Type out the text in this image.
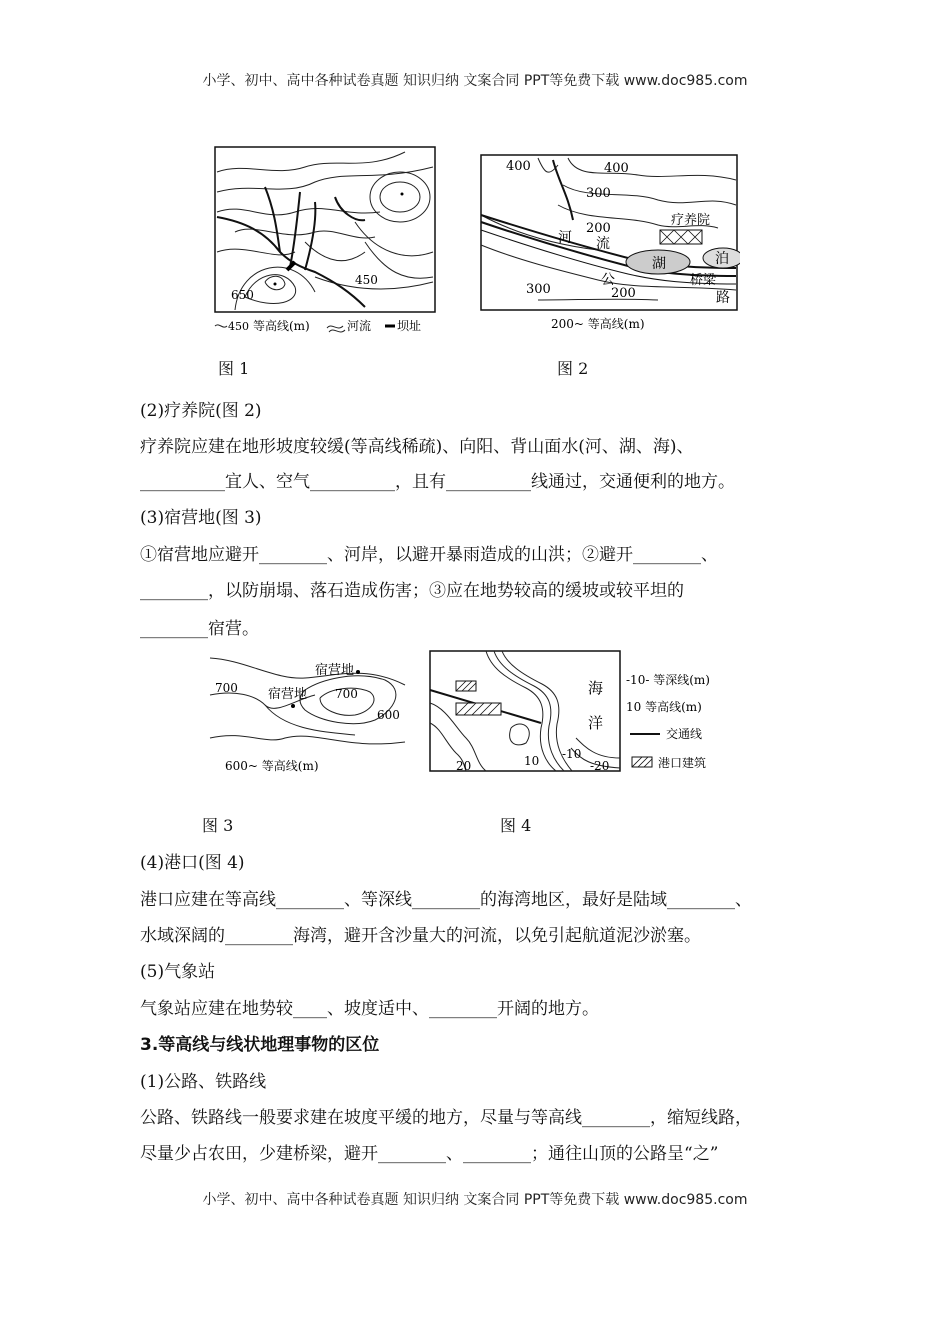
小学、初中、高中各种试卷真题 知识归纳 文案合同 PPT等免费下载 www.doc985.com
650
450
450 等高线(m)	河流 坝址
400	400
300
200
300	200
疗养院
河 流
湖	泊
公	桥梁
路
200~ 等高线(m)
图 1	图 2
(2)疗养院(图 2)
疗养院应建在地形坡度较缓(等高线稀疏)、向阳、背山面水(河、湖、海)、
__________宜人、空气__________，且有__________线通过，交通便利的地方。
(3)宿营地(图 3)
①宿营地应避开________、河岸，以避开暴雨造成的山洪；②避开________、
________，以防崩塌、落石造成伤害；③应在地势较高的缓坡或较平坦的
________宿营。
宿营地
700 宿营地 700
600
600~ 等高线(m)
海
洋
20	10 -10
-20
-10- 等深线(m)
10 等高线(m)
交通线
港口建筑
图 3	图 4
(4)港口(图 4)
港口应建在等高线________、等深线________的海湾地区，最好是陆域________、
水域深阔的________海湾，避开含沙量大的河流，以免引起航道泥沙淤塞。
(5)气象站
气象站应建在地势较____、坡度适中、________开阔的地方。
3.等高线与线状地理事物的区位
(1)公路、铁路线
公路、铁路线一般要求建在坡度平缓的地方，尽量与等高线________，缩短线路，
尽量少占农田，少建桥梁，避开________、________；通往山顶的公路呈“之”
小学、初中、高中各种试卷真题 知识归纳 文案合同 PPT等免费下载 www.doc985.com
